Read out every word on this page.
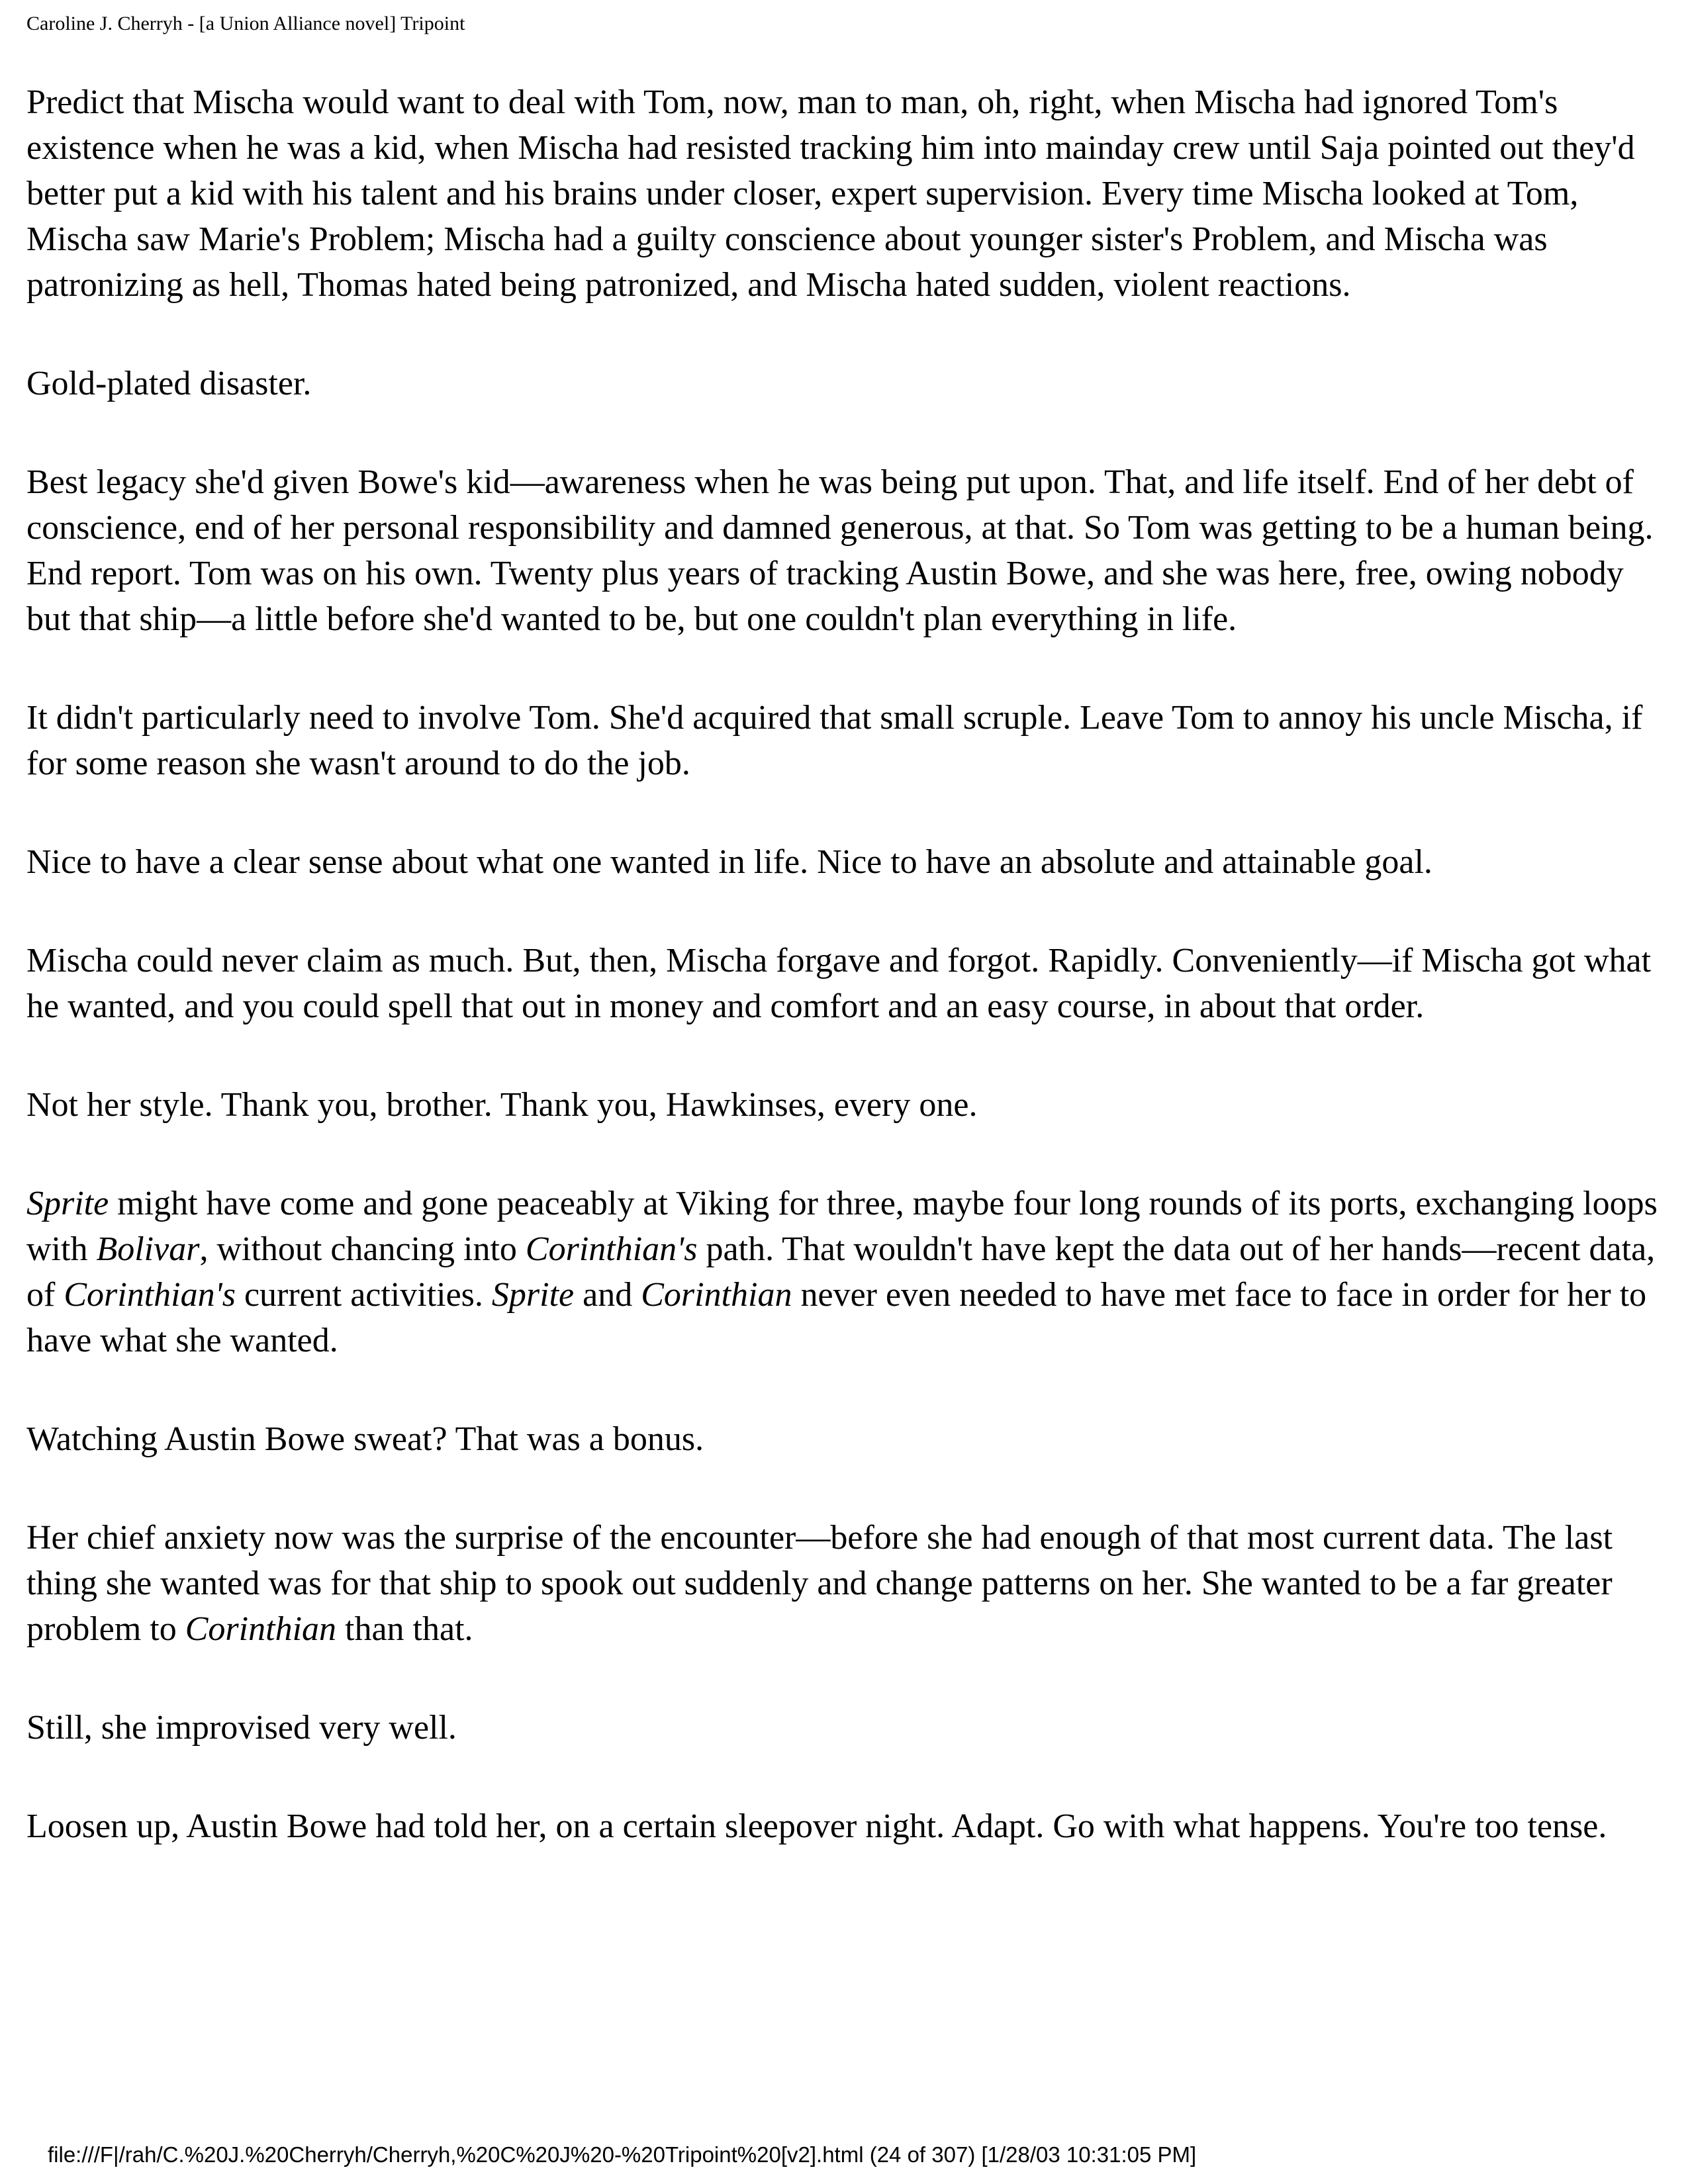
Caroline J. Cherryh - [a Union Alliance novel] Tripoint

Predict that Mischa would want to deal with Tom, now, man to man, oh, right, when Mischa had ignored Tom's existence when he was a kid, when Mischa had resisted tracking him into mainday crew until Saja pointed out they'd better put a kid with his talent and his brains under closer, expert supervision. Every time Mischa looked at Tom, Mischa saw Marie's Problem; Mischa had a guilty conscience about younger sister's Problem, and Mischa was patronizing as hell, Thomas hated being patronized, and Mischa hated sudden, violent reactions.

Gold-plated disaster.

Best legacy she'd given Bowe's kid—awareness when he was being put upon. That, and life itself. End of her debt of conscience, end of her personal responsibility and damned generous, at that. So Tom was getting to be a human being. End report. Tom was on his own. Twenty plus years of tracking Austin Bowe, and she was here, free, owing nobody but that ship—a little before she'd wanted to be, but one couldn't plan everything in life.

It didn't particularly need to involve Tom. She'd acquired that small scruple. Leave Tom to annoy his uncle Mischa, if for some reason she wasn't around to do the job.

Nice to have a clear sense about what one wanted in life. Nice to have an absolute and attainable goal.

Mischa could never claim as much. But, then, Mischa forgave and forgot. Rapidly. Conveniently—if Mischa got what he wanted, and you could spell that out in money and comfort and an easy course, in about that order.

Not her style. Thank you, brother. Thank you, Hawkinses, every one.

Sprite might have come and gone peaceably at Viking for three, maybe four long rounds of its ports, exchanging loops with Bolivar, without chancing into Corinthian's path. That wouldn't have kept the data out of her hands—recent data, of Corinthian's current activities. Sprite and Corinthian never even needed to have met face to face in order for her to have what she wanted.

Watching Austin Bowe sweat? That was a bonus.

Her chief anxiety now was the surprise of the encounter—before she had enough of that most current data. The last thing she wanted was for that ship to spook out suddenly and change patterns on her. She wanted to be a far greater problem to Corinthian than that.

Still, she improvised very well.

Loosen up, Austin Bowe had told her, on a certain sleepover night. Adapt. Go with what happens. You're too tense.

file:///F|/rah/C.%20J.%20Cherryh/Cherryh,%20C%20J%20-%20Tripoint%20[v2].html (24 of 307) [1/28/03 10:31:05 PM]
